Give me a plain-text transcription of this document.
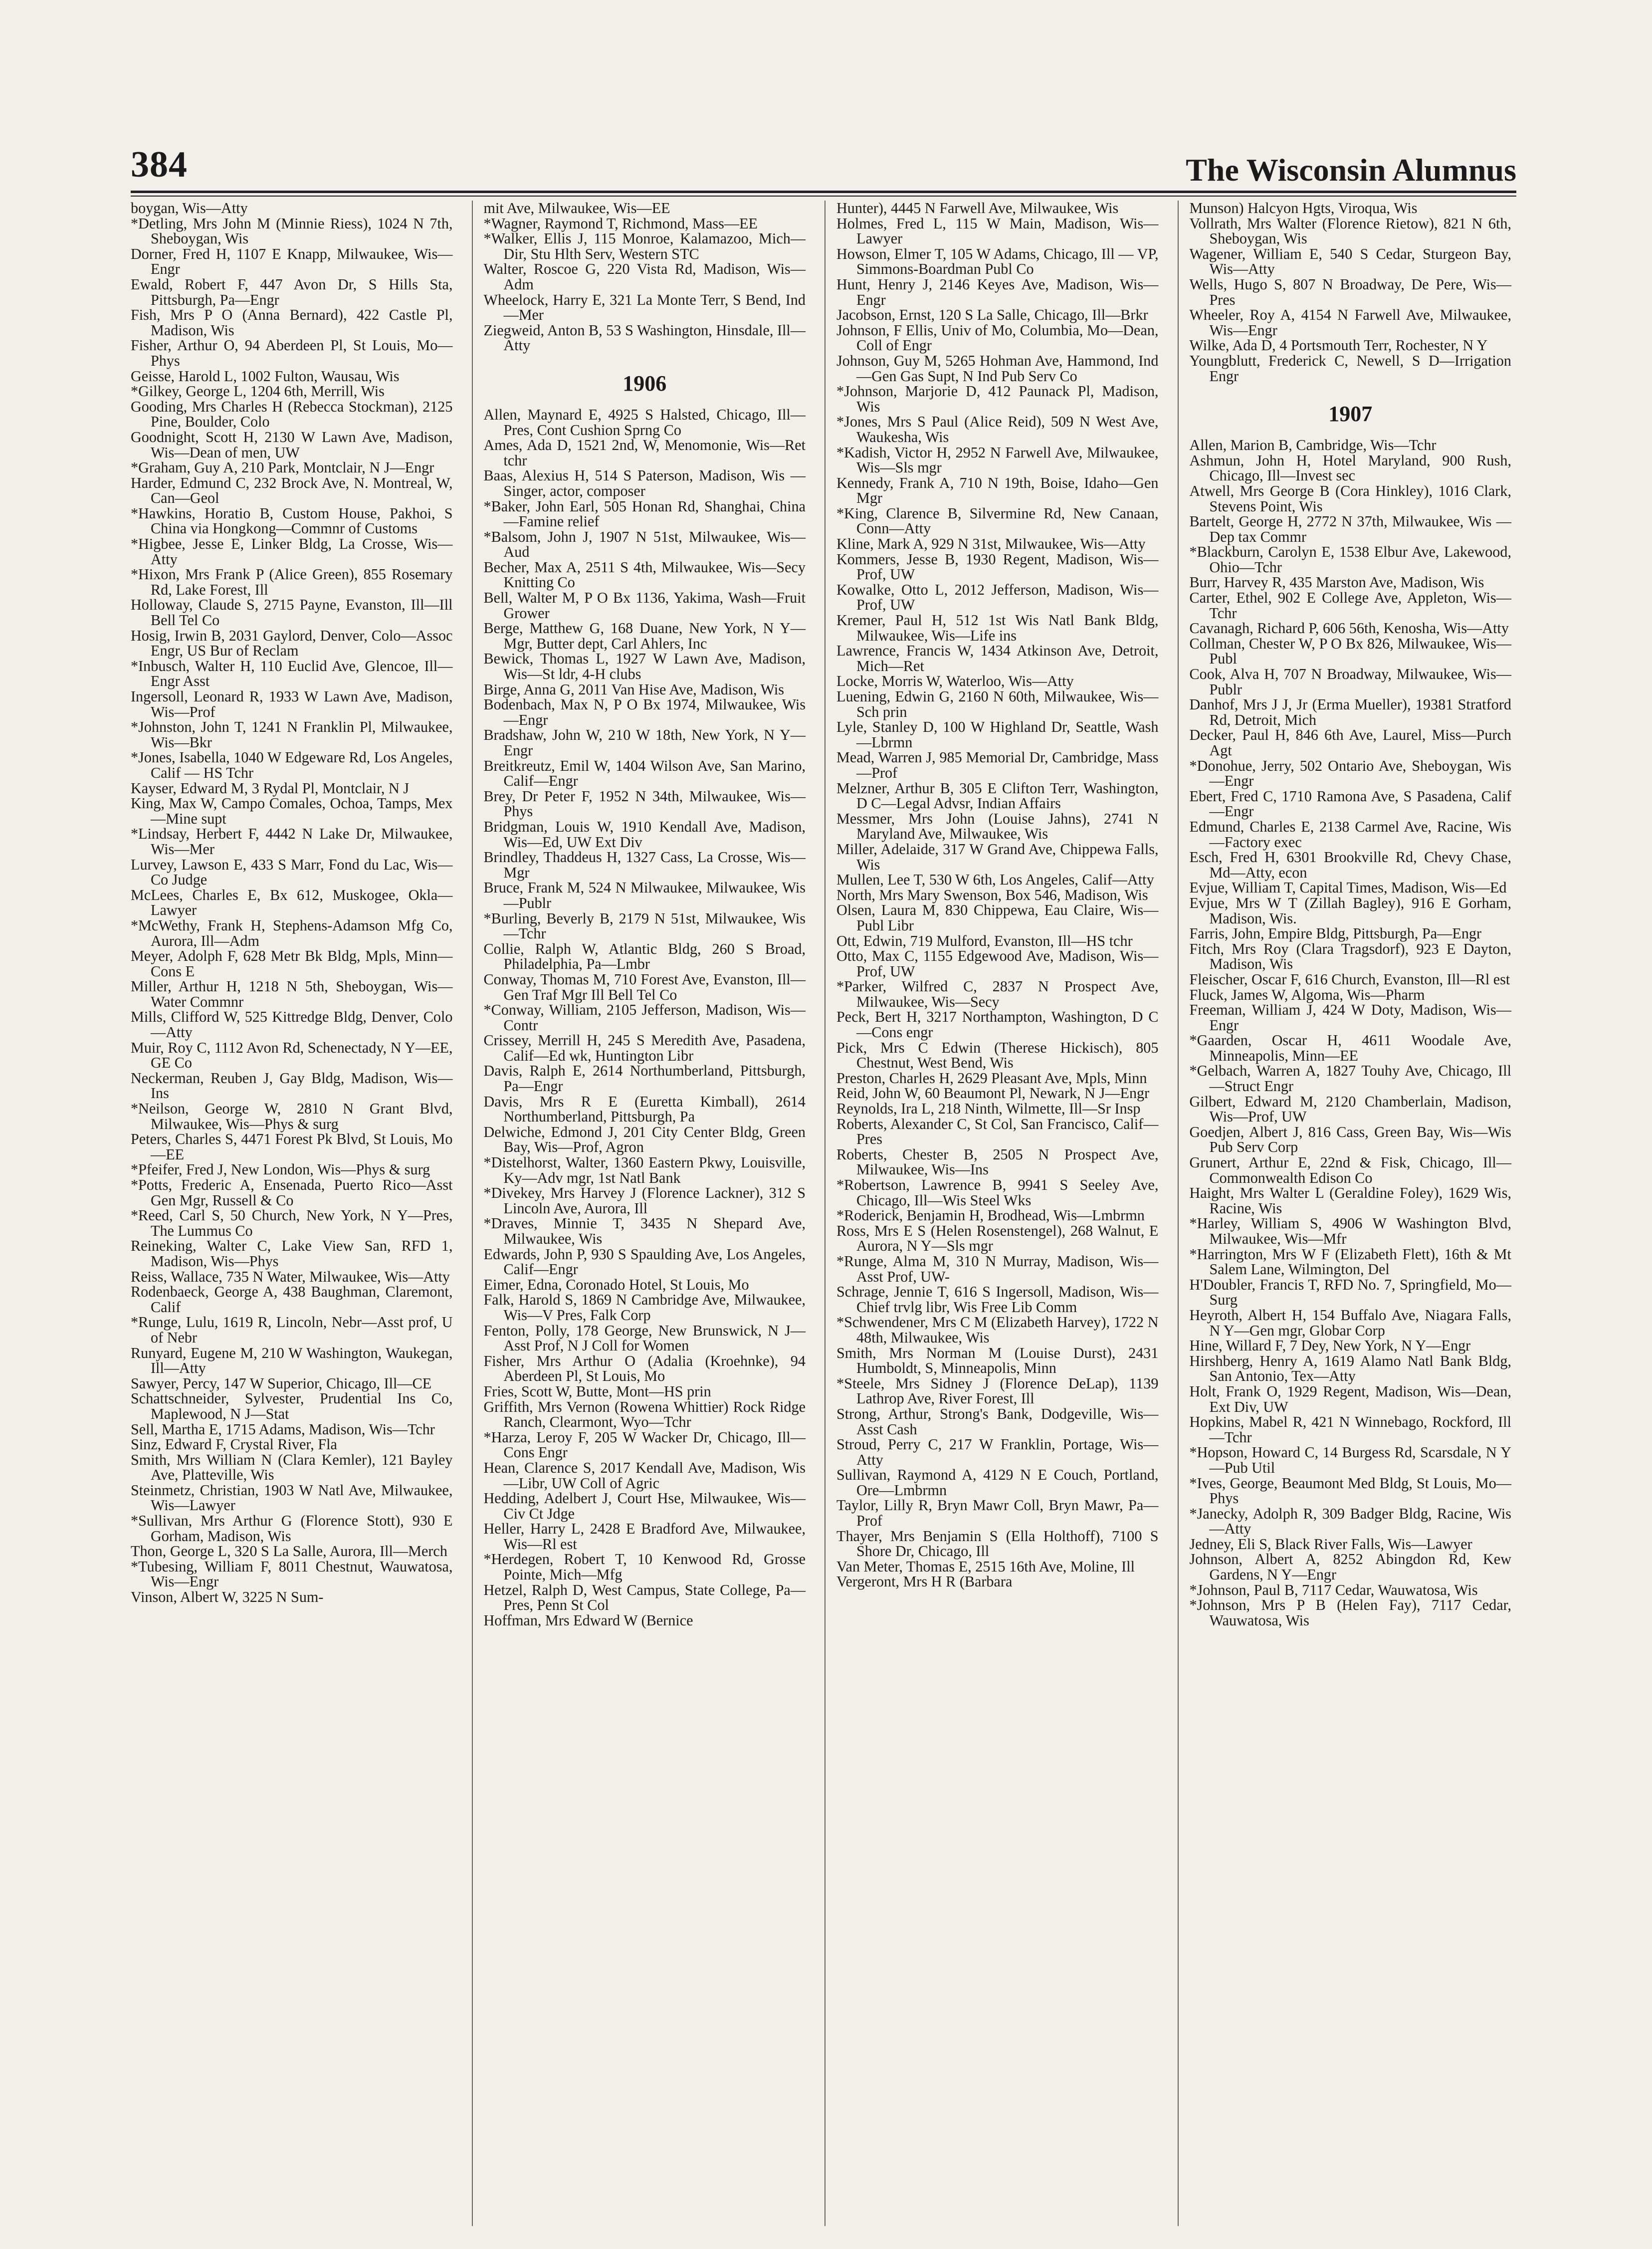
384	The Wisconsin Alumnus

boygan, Wis—Atty

*Detling, Mrs John M (Minnie Riess), 1024 N 7th, Sheboygan, Wis

Dorner, Fred H, 1107 E Knapp, Milwaukee, Wis—Engr

Ewald, Robert F, 447 Avon Dr, S Hills Sta, Pittsburgh, Pa—Engr

Fish, Mrs P O (Anna Bernard), 422 Castle Pl, Madison, Wis

Fisher, Arthur O, 94 Aberdeen Pl, St Louis, Mo—Phys

Geisse, Harold L, 1002 Fulton, Wausau, Wis

*Gilkey, George L, 1204 6th, Merrill, Wis

Gooding, Mrs Charles H (Rebecca Stockman), 2125 Pine, Boulder, Colo

Goodnight, Scott H, 2130 W Lawn Ave, Madison, Wis—Dean of men, UW

*Graham, Guy A, 210 Park, Montclair, N J—Engr

Harder, Edmund C, 232 Brock Ave, N. Montreal, W, Can—Geol

*Hawkins, Horatio B, Custom House, Pakhoi, S China via Hongkong—Commnr of Customs

*Higbee, Jesse E, Linker Bldg, La Crosse, Wis—Atty

*Hixon, Mrs Frank P (Alice Green), 855 Rosemary Rd, Lake Forest, Ill

Holloway, Claude S, 2715 Payne, Evanston, Ill—Ill Bell Tel Co

Hosig, Irwin B, 2031 Gaylord, Denver, Colo—Assoc Engr, US Bur of Reclam

*Inbusch, Walter H, 110 Euclid Ave, Glencoe, Ill—Engr Asst

Ingersoll, Leonard R, 1933 W Lawn Ave, Madison, Wis—Prof

*Johnston, John T, 1241 N Franklin Pl, Milwaukee, Wis—Bkr

*Jones, Isabella, 1040 W Edgeware Rd, Los Angeles, Calif — HS Tchr

Kayser, Edward M, 3 Rydal Pl, Montclair, N J

King, Max W, Campo Comales, Ochoa, Tamps, Mex—Mine supt

*Lindsay, Herbert F, 4442 N Lake Dr, Milwaukee, Wis—Mer

Lurvey, Lawson E, 433 S Marr, Fond du Lac, Wis—Co Judge

McLees, Charles E, Bx 612, Muskogee, Okla—Lawyer

*McWethy, Frank H, Stephens-Adamson Mfg Co, Aurora, Ill—Adm

Meyer, Adolph F, 628 Metr Bk Bldg, Mpls, Minn—Cons E

Miller, Arthur H, 1218 N 5th, Sheboygan, Wis—Water Commnr

Mills, Clifford W, 525 Kittredge Bldg, Denver, Colo—Atty

Muir, Roy C, 1112 Avon Rd, Schenectady, N Y—EE, GE Co

Neckerman, Reuben J, Gay Bldg, Madison, Wis—Ins

*Neilson, George W, 2810 N Grant Blvd, Milwaukee, Wis—Phys & surg

Peters, Charles S, 4471 Forest Pk Blvd, St Louis, Mo—EE

*Pfeifer, Fred J, New London, Wis—Phys & surg

*Potts, Frederic A, Ensenada, Puerto Rico—Asst Gen Mgr, Russell & Co

*Reed, Carl S, 50 Church, New York, N Y—Pres, The Lummus Co

Reineking, Walter C, Lake View San, RFD 1, Madison, Wis—Phys

Reiss, Wallace, 735 N Water, Milwaukee, Wis—Atty

Rodenbaeck, George A, 438 Baughman, Claremont, Calif

*Runge, Lulu, 1619 R, Lincoln, Nebr—Asst prof, U of Nebr

Runyard, Eugene M, 210 W Washington, Waukegan, Ill—Atty

Sawyer, Percy, 147 W Superior, Chicago, Ill—CE

Schattschneider, Sylvester, Prudential Ins Co, Maplewood, N J—Stat

Sell, Martha E, 1715 Adams, Madison, Wis—Tchr

Sinz, Edward F, Crystal River, Fla

Smith, Mrs William N (Clara Kemler), 121 Bayley Ave, Platteville, Wis

Steinmetz, Christian, 1903 W Natl Ave, Milwaukee, Wis—Lawyer

*Sullivan, Mrs Arthur G (Florence Stott), 930 E Gorham, Madison, Wis

Thon, George L, 320 S La Salle, Aurora, Ill—Merch

*Tubesing, William F, 8011 Chestnut, Wauwatosa, Wis—Engr

Vinson, Albert W, 3225 N Sum-

mit Ave, Milwaukee, Wis—EE

*Wagner, Raymond T, Richmond, Mass—EE

*Walker, Ellis J, 115 Monroe, Kalamazoo, Mich—Dir, Stu Hlth Serv, Western STC

Walter, Roscoe G, 220 Vista Rd, Madison, Wis—Adm

Wheelock, Harry E, 321 La Monte Terr, S Bend, Ind—Mer

Ziegweid, Anton B, 53 S Washington, Hinsdale, Ill—Atty

1906

Allen, Maynard E, 4925 S Halsted, Chicago, Ill—Pres, Cont Cushion Sprng Co

Ames, Ada D, 1521 2nd, W, Menomonie, Wis—Ret tchr

Baas, Alexius H, 514 S Paterson, Madison, Wis — Singer, actor, composer

*Baker, John Earl, 505 Honan Rd, Shanghai, China—Famine relief

*Balsom, John J, 1907 N 51st, Milwaukee, Wis—Aud

Becher, Max A, 2511 S 4th, Milwaukee, Wis—Secy Knitting Co

Bell, Walter M, P O Bx 1136, Yakima, Wash—Fruit Grower

Berge, Matthew G, 168 Duane, New York, N Y—Mgr, Butter dept, Carl Ahlers, Inc

Bewick, Thomas L, 1927 W Lawn Ave, Madison, Wis—St ldr, 4-H clubs

Birge, Anna G, 2011 Van Hise Ave, Madison, Wis

Bodenbach, Max N, P O Bx 1974, Milwaukee, Wis—Engr

Bradshaw, John W, 210 W 18th, New York, N Y—Engr

Breitkreutz, Emil W, 1404 Wilson Ave, San Marino, Calif—Engr

Brey, Dr Peter F, 1952 N 34th, Milwaukee, Wis—Phys

Bridgman, Louis W, 1910 Kendall Ave, Madison, Wis—Ed, UW Ext Div

Brindley, Thaddeus H, 1327 Cass, La Crosse, Wis—Mgr

Bruce, Frank M, 524 N Milwaukee, Milwaukee, Wis—Publr

*Burling, Beverly B, 2179 N 51st, Milwaukee, Wis—Tchr

Collie, Ralph W, Atlantic Bldg, 260 S Broad, Philadelphia, Pa—Lmbr

Conway, Thomas M, 710 Forest Ave, Evanston, Ill—Gen Traf Mgr Ill Bell Tel Co

*Conway, William, 2105 Jefferson, Madison, Wis—Contr

Crissey, Merrill H, 245 S Meredith Ave, Pasadena, Calif—Ed wk, Huntington Libr

Davis, Ralph E, 2614 Northumberland, Pittsburgh, Pa—Engr

Davis, Mrs R E (Euretta Kimball), 2614 Northumberland, Pittsburgh, Pa

Delwiche, Edmond J, 201 City Center Bldg, Green Bay, Wis—Prof, Agron

*Distelhorst, Walter, 1360 Eastern Pkwy, Louisville, Ky—Adv mgr, 1st Natl Bank

*Divekey, Mrs Harvey J (Florence Lackner), 312 S Lincoln Ave, Aurora, Ill

*Draves, Minnie T, 3435 N Shepard Ave, Milwaukee, Wis

Edwards, John P, 930 S Spaulding Ave, Los Angeles, Calif—Engr

Eimer, Edna, Coronado Hotel, St Louis, Mo

Falk, Harold S, 1869 N Cambridge Ave, Milwaukee, Wis—V Pres, Falk Corp

Fenton, Polly, 178 George, New Brunswick, N J—Asst Prof, N J Coll for Women

Fisher, Mrs Arthur O (Adalia (Kroehnke), 94 Aberdeen Pl, St Louis, Mo

Fries, Scott W, Butte, Mont—HS prin

Griffith, Mrs Vernon (Rowena Whittier) Rock Ridge Ranch, Clearmont, Wyo—Tchr

*Harza, Leroy F, 205 W Wacker Dr, Chicago, Ill—Cons Engr

Hean, Clarence S, 2017 Kendall Ave, Madison, Wis—Libr, UW Coll of Agric

Hedding, Adelbert J, Court Hse, Milwaukee, Wis—Civ Ct Jdge

Heller, Harry L, 2428 E Bradford Ave, Milwaukee, Wis—Rl est

*Herdegen, Robert T, 10 Kenwood Rd, Grosse Pointe, Mich—Mfg

Hetzel, Ralph D, West Campus, State College, Pa—Pres, Penn St Col

Hoffman, Mrs Edward W (Bernice

Hunter), 4445 N Farwell Ave, Milwaukee, Wis

Holmes, Fred L, 115 W Main, Madison, Wis—Lawyer

Howson, Elmer T, 105 W Adams, Chicago, Ill — VP, Simmons-Boardman Publ Co

Hunt, Henry J, 2146 Keyes Ave, Madison, Wis—Engr

Jacobson, Ernst, 120 S La Salle, Chicago, Ill—Brkr

Johnson, F Ellis, Univ of Mo, Columbia, Mo—Dean, Coll of Engr

Johnson, Guy M, 5265 Hohman Ave, Hammond, Ind—Gen Gas Supt, N Ind Pub Serv Co

*Johnson, Marjorie D, 412 Paunack Pl, Madison, Wis

*Jones, Mrs S Paul (Alice Reid), 509 N West Ave, Waukesha, Wis

*Kadish, Victor H, 2952 N Farwell Ave, Milwaukee, Wis—Sls mgr

Kennedy, Frank A, 710 N 19th, Boise, Idaho—Gen Mgr

*King, Clarence B, Silvermine Rd, New Canaan, Conn—Atty

Kline, Mark A, 929 N 31st, Milwaukee, Wis—Atty

Kommers, Jesse B, 1930 Regent, Madison, Wis—Prof, UW

Kowalke, Otto L, 2012 Jefferson, Madison, Wis—Prof, UW

Kremer, Paul H, 512 1st Wis Natl Bank Bldg, Milwaukee, Wis—Life ins

Lawrence, Francis W, 1434 Atkinson Ave, Detroit, Mich—Ret

Locke, Morris W, Waterloo, Wis—Atty

Luening, Edwin G, 2160 N 60th, Milwaukee, Wis—Sch prin

Lyle, Stanley D, 100 W Highland Dr, Seattle, Wash—Lbrmn

Mead, Warren J, 985 Memorial Dr, Cambridge, Mass—Prof

Melzner, Arthur B, 305 E Clifton Terr, Washington, D C—Legal Advsr, Indian Affairs

Messmer, Mrs John (Louise Jahns), 2741 N Maryland Ave, Milwaukee, Wis

Miller, Adelaide, 317 W Grand Ave, Chippewa Falls, Wis

Mullen, Lee T, 530 W 6th, Los Angeles, Calif—Atty

North, Mrs Mary Swenson, Box 546, Madison, Wis

Olsen, Laura M, 830 Chippewa, Eau Claire, Wis—Publ Libr

Ott, Edwin, 719 Mulford, Evanston, Ill—HS tchr

Otto, Max C, 1155 Edgewood Ave, Madison, Wis—Prof, UW

*Parker, Wilfred C, 2837 N Prospect Ave, Milwaukee, Wis—Secy

Peck, Bert H, 3217 Northampton, Washington, D C—Cons engr

Pick, Mrs C Edwin (Therese Hickisch), 805 Chestnut, West Bend, Wis

Preston, Charles H, 2629 Pleasant Ave, Mpls, Minn

Reid, John W, 60 Beaumont Pl, Newark, N J—Engr

Reynolds, Ira L, 218 Ninth, Wilmette, Ill—Sr Insp

Roberts, Alexander C, St Col, San Francisco, Calif—Pres

Roberts, Chester B, 2505 N Prospect Ave, Milwaukee, Wis—Ins

*Robertson, Lawrence B, 9941 S Seeley Ave, Chicago, Ill—Wis Steel Wks

*Roderick, Benjamin H, Brodhead, Wis—Lmbrmn

Ross, Mrs E S (Helen Rosenstengel), 268 Walnut, E Aurora, N Y—Sls mgr

*Runge, Alma M, 310 N Murray, Madison, Wis—Asst Prof, UW-

Schrage, Jennie T, 616 S Ingersoll, Madison, Wis—Chief trvlg libr, Wis Free Lib Comm

*Schwendener, Mrs C M (Elizabeth Harvey), 1722 N 48th, Milwaukee, Wis

Smith, Mrs Norman M (Louise Durst), 2431 Humboldt, S, Minneapolis, Minn

*Steele, Mrs Sidney J (Florence DeLap), 1139 Lathrop Ave, River Forest, Ill

Strong, Arthur, Strong's Bank, Dodgeville, Wis—Asst Cash

Stroud, Perry C, 217 W Franklin, Portage, Wis—Atty

Sullivan, Raymond A, 4129 N E Couch, Portland, Ore—Lmbrmn

Taylor, Lilly R, Bryn Mawr Coll, Bryn Mawr, Pa—Prof

Thayer, Mrs Benjamin S (Ella Holthoff), 7100 S Shore Dr, Chicago, Ill

Van Meter, Thomas E, 2515 16th Ave, Moline, Ill

Vergeront, Mrs H R (Barbara

Munson) Halcyon Hgts, Viroqua, Wis

Vollrath, Mrs Walter (Florence Rietow), 821 N 6th, Sheboygan, Wis

Wagener, William E, 540 S Cedar, Sturgeon Bay, Wis—Atty

Wells, Hugo S, 807 N Broadway, De Pere, Wis—Pres

Wheeler, Roy A, 4154 N Farwell Ave, Milwaukee, Wis—Engr

Wilke, Ada D, 4 Portsmouth Terr, Rochester, N Y

Youngblutt, Frederick C, Newell, S D—Irrigation Engr

1907

Allen, Marion B, Cambridge, Wis—Tchr

Ashmun, John H, Hotel Maryland, 900 Rush, Chicago, Ill—Invest sec

Atwell, Mrs George B (Cora Hinkley), 1016 Clark, Stevens Point, Wis

Bartelt, George H, 2772 N 37th, Milwaukee, Wis — Dep tax Commr

*Blackburn, Carolyn E, 1538 Elbur Ave, Lakewood, Ohio—Tchr

Burr, Harvey R, 435 Marston Ave, Madison, Wis

Carter, Ethel, 902 E College Ave, Appleton, Wis—Tchr

Cavanagh, Richard P, 606 56th, Kenosha, Wis—Atty

Collman, Chester W, P O Bx 826, Milwaukee, Wis—Publ

Cook, Alva H, 707 N Broadway, Milwaukee, Wis—Publr

Danhof, Mrs J J, Jr (Erma Mueller), 19381 Stratford Rd, Detroit, Mich

Decker, Paul H, 846 6th Ave, Laurel, Miss—Purch Agt

*Donohue, Jerry, 502 Ontario Ave, Sheboygan, Wis—Engr

Ebert, Fred C, 1710 Ramona Ave, S Pasadena, Calif—Engr

Edmund, Charles E, 2138 Carmel Ave, Racine, Wis—Factory exec

Esch, Fred H, 6301 Brookville Rd, Chevy Chase, Md—Atty, econ

Evjue, William T, Capital Times, Madison, Wis—Ed

Evjue, Mrs W T (Zillah Bagley), 916 E Gorham, Madison, Wis.

Farris, John, Empire Bldg, Pittsburgh, Pa—Engr

Fitch, Mrs Roy (Clara Tragsdorf), 923 E Dayton, Madison, Wis

Fleischer, Oscar F, 616 Church, Evanston, Ill—Rl est

Fluck, James W, Algoma, Wis—Pharm

Freeman, William J, 424 W Doty, Madison, Wis—Engr

*Gaarden, Oscar H, 4611 Woodale Ave, Minneapolis, Minn—EE

*Gelbach, Warren A, 1827 Touhy Ave, Chicago, Ill—Struct Engr

Gilbert, Edward M, 2120 Chamberlain, Madison, Wis—Prof, UW

Goedjen, Albert J, 816 Cass, Green Bay, Wis—Wis Pub Serv Corp

Grunert, Arthur E, 22nd & Fisk, Chicago, Ill—Commonwealth Edison Co

Haight, Mrs Walter L (Geraldine Foley), 1629 Wis, Racine, Wis

*Harley, William S, 4906 W Washington Blvd, Milwaukee, Wis—Mfr

*Harrington, Mrs W F (Elizabeth Flett), 16th & Mt Salem Lane, Wilmington, Del

H'Doubler, Francis T, RFD No. 7, Springfield, Mo—Surg

Heyroth, Albert H, 154 Buffalo Ave, Niagara Falls, N Y—Gen mgr, Globar Corp

Hine, Willard F, 7 Dey, New York, N Y—Engr

Hirshberg, Henry A, 1619 Alamo Natl Bank Bldg, San Antonio, Tex—Atty

Holt, Frank O, 1929 Regent, Madison, Wis—Dean, Ext Div, UW

Hopkins, Mabel R, 421 N Winnebago, Rockford, Ill—Tchr

*Hopson, Howard C, 14 Burgess Rd, Scarsdale, N Y—Pub Util

*Ives, George, Beaumont Med Bldg, St Louis, Mo—Phys

*Janecky, Adolph R, 309 Badger Bldg, Racine, Wis—Atty

Jedney, Eli S, Black River Falls, Wis—Lawyer

Johnson, Albert A, 8252 Abingdon Rd, Kew Gardens, N Y—Engr

*Johnson, Paul B, 7117 Cedar, Wauwatosa, Wis

*Johnson, Mrs P B (Helen Fay), 7117 Cedar, Wauwatosa, Wis
